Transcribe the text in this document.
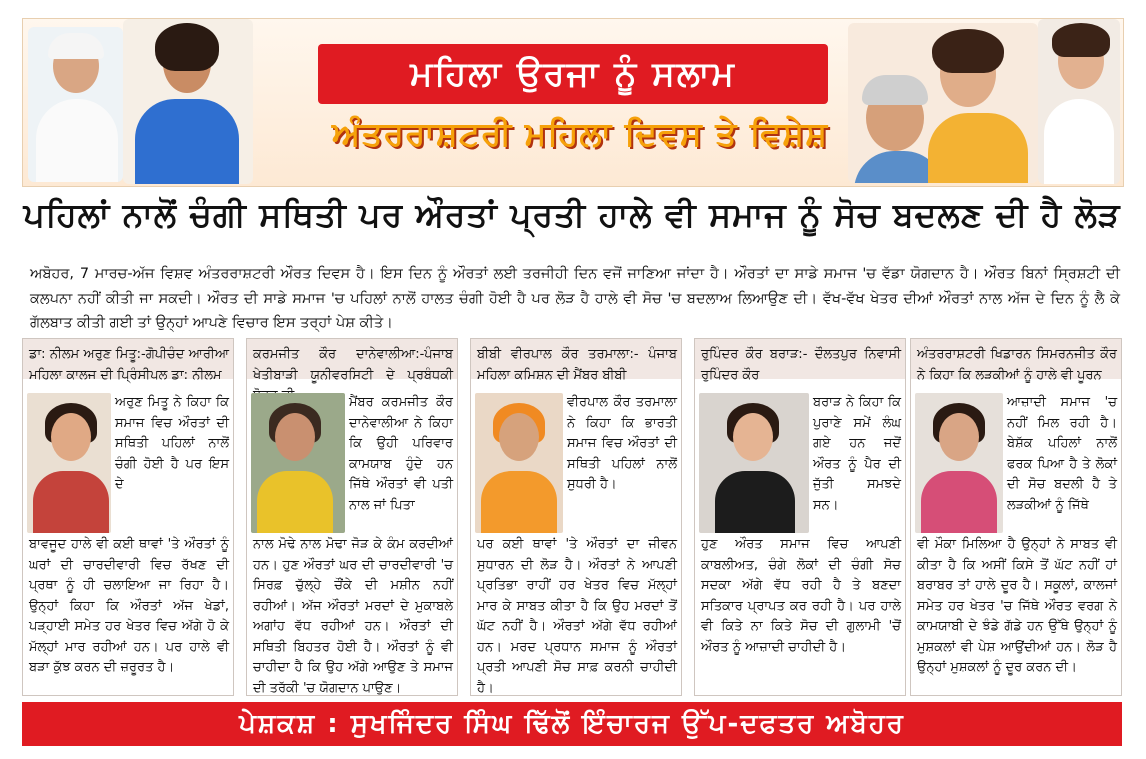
ਮਹਿਲਾ ਉਰਜਾ ਨੂੰ ਸਲਾਮ
ਅੰਤਰਰਾਸ਼ਟਰੀ ਮਹਿਲਾ ਦਿਵਸ ਤੇ ਵਿਸ਼ੇਸ਼
ਪਹਿਲਾਂ ਨਾਲੋਂ ਚੰਗੀ ਸਥਿਤੀ ਪਰ ਔਰਤਾਂ ਪ੍ਰਤੀ ਹਾਲੇ ਵੀ ਸਮਾਜ ਨੂੰ ਸੋਚ ਬਦਲਣ ਦੀ ਹੈ ਲੋੜ
ਅਬੋਹਰ, 7 ਮਾਰਚ-ਅੱਜ ਵਿਸ਼ਵ ਅੰਤਰਰਾਸ਼ਟਰੀ ਔਰਤ ਦਿਵਸ ਹੈ। ਇਸ ਦਿਨ ਨੂੰ ਔਰਤਾਂ ਲਈ ਤਰਜੀਹੀ ਦਿਨ ਵਜੋਂ ਜਾਣਿਆ ਜਾਂਦਾ ਹੈ। ਔਰਤਾਂ ਦਾ ਸਾਡੇ ਸਮਾਜ 'ਚ ਵੱਡਾ ਯੋਗਦਾਨ ਹੈ। ਔਰਤ ਬਿਨਾਂ ਸ੍ਰਿਸ਼ਟੀ ਦੀ ਕਲਪਨਾ ਨਹੀਂ ਕੀਤੀ ਜਾ ਸਕਦੀ। ਔਰਤ ਦੀ ਸਾਡੇ ਸਮਾਜ 'ਚ ਪਹਿਲਾਂ ਨਾਲੋਂ ਹਾਲਤ ਚੰਗੀ ਹੋਈ ਹੈ ਪਰ ਲੋੜ ਹੈ ਹਾਲੇ ਵੀ ਸੋਚ 'ਚ ਬਦਲਾਅ ਲਿਆਉਣ ਦੀ। ਵੱਖ-ਵੱਖ ਖੇਤਰ ਦੀਆਂ ਔਰਤਾਂ ਨਾਲ ਅੱਜ ਦੇ ਦਿਨ ਨੂੰ ਲੈ ਕੇ ਗੱਲਬਾਤ ਕੀਤੀ ਗਈ ਤਾਂ ਉਨ੍ਹਾਂ ਆਪਣੇ ਵਿਚਾਰ ਇਸ ਤਰ੍ਹਾਂ ਪੇਸ਼ ਕੀਤੇ।

ਡਾ: ਨੀਲਮ ਅਰੁਣ ਮਿਤੂ:-ਗੋਪੀਚੰਦ ਆਰੀਆ ਮਹਿਲਾ ਕਾਲਜ ਦੀ ਪ੍ਰਿੰਸੀਪਲ ਡਾ: ਨੀਲਮ

ਅਰੁਣ ਮਿਤੂ ਨੇ ਕਿਹਾ ਕਿ ਸਮਾਜ ਵਿਚ ਔਰਤਾਂ ਦੀ ਸਥਿਤੀ ਪਹਿਲਾਂ ਨਾਲੋਂ ਚੰਗੀ ਹੋਈ ਹੈ ਪਰ ਇਸ ਦੇ

ਬਾਵਜੂਦ ਹਾਲੇ ਵੀ ਕਈ ਥਾਵਾਂ 'ਤੇ ਔਰਤਾਂ ਨੂੰ ਘਰਾਂ ਦੀ ਚਾਰਦੀਵਾਰੀ ਵਿਚ ਰੱਖਣ ਦੀ ਪ੍ਰਥਾ ਨੂੰ ਹੀ ਚਲਾਇਆ ਜਾ ਰਿਹਾ ਹੈ। ਉਨ੍ਹਾਂ ਕਿਹਾ ਕਿ ਔਰਤਾਂ ਅੱਜ ਖੇਡਾਂ, ਪੜ੍ਹਾਈ ਸਮੇਤ ਹਰ ਖੇਤਰ ਵਿਚ ਅੱਗੇ ਹੋ ਕੇ ਮੱਲ੍ਹਾਂ ਮਾਰ ਰਹੀਆਂ ਹਨ। ਪਰ ਹਾਲੇ ਵੀ ਬੜਾ ਕੁੱਝ ਕਰਨ ਦੀ ਜ਼ਰੂਰਤ ਹੈ।

ਕਰਮਜੀਤ ਕੌਰ ਦਾਨੇਵਾਲੀਆ:-ਪੰਜਾਬ ਖੇਤੀਬਾੜੀ ਯੂਨੀਵਰਸਿਟੀ ਦੇ ਪ੍ਰਬੰਧਕੀ

ਮੈਂਬਰ ਕਰਮਜੀਤ ਕੌਰ ਦਾਨੇਵਾਲੀਆ ਨੇ ਕਿਹਾ ਕਿ ਉਹੀ ਪਰਿਵਾਰ ਕਾਮਯਾਬ ਹੁੰਦੇ ਹਨ ਜਿੱਥੇ ਔਰਤਾਂ ਵੀ ਪਤੀ ਨਾਲ ਜਾਂ ਪਿਤਾ

ਨਾਲ ਮੋਢੇ ਨਾਲ ਮੋਢਾ ਜੋੜ ਕੇ ਕੰਮ ਕਰਦੀਆਂ ਹਨ। ਹੁਣ ਔਰਤਾਂ ਘਰ ਦੀ ਚਾਰਦੀਵਾਰੀ 'ਚ ਸਿਰਫ਼ ਚੁੱਲ੍ਹੇ ਚੌਂਕੇ ਦੀ ਮਸ਼ੀਨ ਨਹੀਂ ਰਹੀਆਂ। ਅੱਜ ਔਰਤਾਂ ਮਰਦਾਂ ਦੇ ਮੁਕਾਬਲੇ ਅਗਾਂਹ ਵੱਧ ਰਹੀਆਂ ਹਨ। ਔਰਤਾਂ ਦੀ ਸਥਿਤੀ ਬਿਹਤਰ ਹੋਈ ਹੈ। ਔਰਤਾਂ ਨੂੰ ਵੀ ਚਾਹੀਦਾ ਹੈ ਕਿ ਉਹ ਅੱਗੇ ਆਉਣ ਤੇ ਸਮਾਜ ਦੀ ਤਰੱਕੀ 'ਚ ਯੋਗਦਾਨ ਪਾਉਣ।

ਬੀਬੀ ਵੀਰਪਾਲ ਕੌਰ ਤਰਮਾਲਾ:- ਪੰਜਾਬ ਮਹਿਲਾ ਕਮਿਸ਼ਨ ਦੀ ਮੈਂਬਰ ਬੀਬੀ

ਵੀਰਪਾਲ ਕੌਰ ਤਰਮਾਲਾ ਨੇ ਕਿਹਾ ਕਿ ਭਾਰਤੀ ਸਮਾਜ ਵਿਚ ਔਰਤਾਂ ਦੀ ਸਥਿਤੀ ਪਹਿਲਾਂ ਨਾਲੋਂ ਸੁਧਰੀ ਹੈ।

ਪਰ ਕਈ ਥਾਵਾਂ 'ਤੇ ਔਰਤਾਂ ਦਾ ਜੀਵਨ ਸੁਧਾਰਨ ਦੀ ਲੋੜ ਹੈ। ਔਰਤਾਂ ਨੇ ਆਪਣੀ ਪ੍ਰਤਿਭਾ ਰਾਹੀਂ ਹਰ ਖੇਤਰ ਵਿਚ ਮੱਲ੍ਹਾਂ ਮਾਰ ਕੇ ਸਾਬਤ ਕੀਤਾ ਹੈ ਕਿ ਉਹ ਮਰਦਾਂ ਤੋਂ ਘੱਟ ਨਹੀਂ ਹੈ। ਔਰਤਾਂ ਅੱਗੇ ਵੱਧ ਰਹੀਆਂ ਹਨ। ਮਰਦ ਪ੍ਰਧਾਨ ਸਮਾਜ ਨੂੰ ਔਰਤਾਂ ਪ੍ਰਤੀ ਆਪਣੀ ਸੋਚ ਸਾਫ਼ ਕਰਨੀ ਚਾਹੀਦੀ ਹੈ।

ਰੁਪਿੰਦਰ ਕੌਰ ਬਰਾੜ:- ਦੌਲਤਪੁਰ ਨਿਵਾਸੀ ਰੁਪਿੰਦਰ ਕੌਰ

ਬਰਾੜ ਨੇ ਕਿਹਾ ਕਿ ਪੁਰਾਣੇ ਸਮੇਂ ਲੰਘ ਗਏ ਹਨ ਜਦੋਂ ਔਰਤ ਨੂੰ ਪੈਰ ਦੀ ਜੁੱਤੀ ਸਮਝਦੇ ਸਨ।

ਹੁਣ ਔਰਤ ਸਮਾਜ ਵਿਚ ਆਪਣੀ ਕਾਬਲੀਅਤ, ਚੰਗੇ ਲੋਕਾਂ ਦੀ ਚੰਗੀ ਸੋਚ ਸਦਕਾ ਅੱਗੇ ਵੱਧ ਰਹੀ ਹੈ ਤੇ ਬਣਦਾ ਸਤਿਕਾਰ ਪ੍ਰਾਪਤ ਕਰ ਰਹੀ ਹੈ। ਪਰ ਹਾਲੇ ਵੀ ਕਿਤੇ ਨਾ ਕਿਤੇ ਸੋਚ ਦੀ ਗੁਲਾਮੀ 'ਚੋਂ ਔਰਤ ਨੂੰ ਆਜ਼ਾਦੀ ਚਾਹੀਦੀ ਹੈ।

ਅੰਤਰਰਾਸ਼ਟਰੀ ਖਿਡਾਰਨ ਸਿਮਰਨਜੀਤ ਕੌਰ ਨੇ ਕਿਹਾ ਕਿ ਲੜਕੀਆਂ ਨੂੰ ਹਾਲੇ ਵੀ ਪੂਰਨ

ਆਜ਼ਾਦੀ ਸਮਾਜ 'ਚ ਨਹੀਂ ਮਿਲ ਰਹੀ ਹੈ। ਬੇਸ਼ੱਕ ਪਹਿਲਾਂ ਨਾਲੋਂ ਫਰਕ ਪਿਆ ਹੈ ਤੇ ਲੋਕਾਂ ਦੀ ਸੋਚ ਬਦਲੀ ਹੈ ਤੇ ਲੜਕੀਆਂ ਨੂੰ ਜਿੱਥੇ

ਵੀ ਮੌਕਾ ਮਿਲਿਆ ਹੈ ਉਨ੍ਹਾਂ ਨੇ ਸਾਬਤ ਵੀ ਕੀਤਾ ਹੈ ਕਿ ਅਸੀਂ ਕਿਸੇ ਤੋਂ ਘੱਟ ਨਹੀਂ ਹਾਂ ਬਰਾਬਰ ਤਾਂ ਹਾਲੇ ਦੂਰ ਹੈ। ਸਕੂਲਾਂ, ਕਾਲਜਾਂ ਸਮੇਤ ਹਰ ਖੇਤਰ 'ਚ ਜਿੱਥੇ ਔਰਤ ਵਰਗ ਨੇ ਕਾਮਯਾਬੀ ਦੇ ਝੰਡੇ ਗੱਡੇ ਹਨ ਉੱਥੇ ਉਨ੍ਹਾਂ ਨੂੰ ਮੁਸ਼ਕਲਾਂ ਵੀ ਪੇਸ਼ ਆਉਂਦੀਆਂ ਹਨ। ਲੋੜ ਹੈ ਉਨ੍ਹਾਂ ਮੁਸ਼ਕਲਾਂ ਨੂੰ ਦੂਰ ਕਰਨ ਦੀ।

ਪੇਸ਼ਕਸ਼ : ਸੁਖਜਿੰਦਰ ਸਿੰਘ ਢਿੱਲੋਂ ਇੰਚਾਰਜ ਉੱਪ-ਦਫਤਰ ਅਬੋਹਰ
